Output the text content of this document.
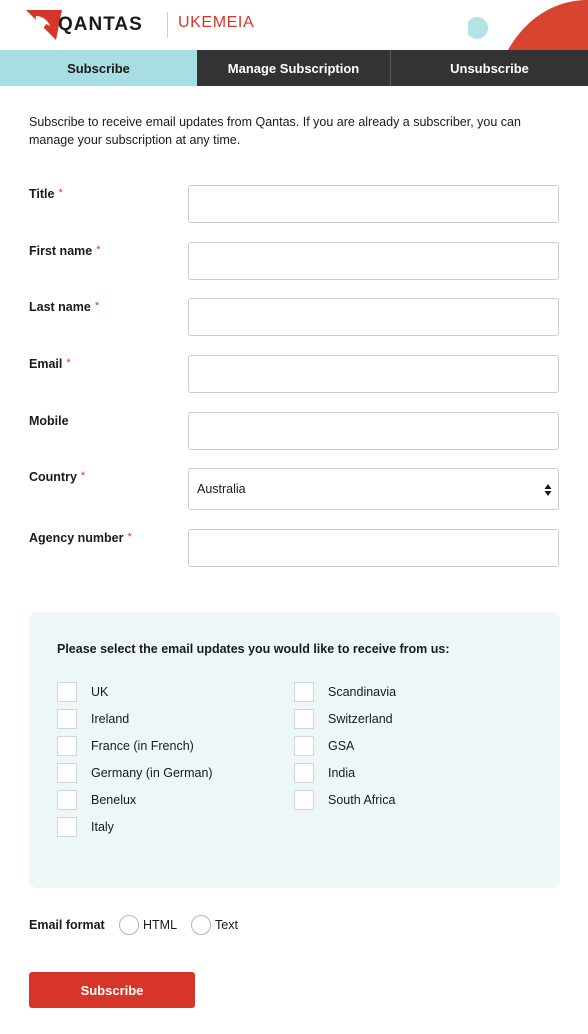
QANTAS UKEMEIA
Subscribe	Manage Subscription	Unsubscribe

Subscribe to receive email updates from Qantas. If you are already a subscriber, you can manage your subscription at any time.

Title *
First name *
Last name *
Email *
Mobile
Country *
Australia
Agency number *
Please select the email updates you would like to receive from us:
UK
Ireland
France (in French)
Germany (in German)
Benelux
Italy
Scandinavia
Switzerland
GSA
India
South Africa
Email format	HTML	Text
Subscribe
